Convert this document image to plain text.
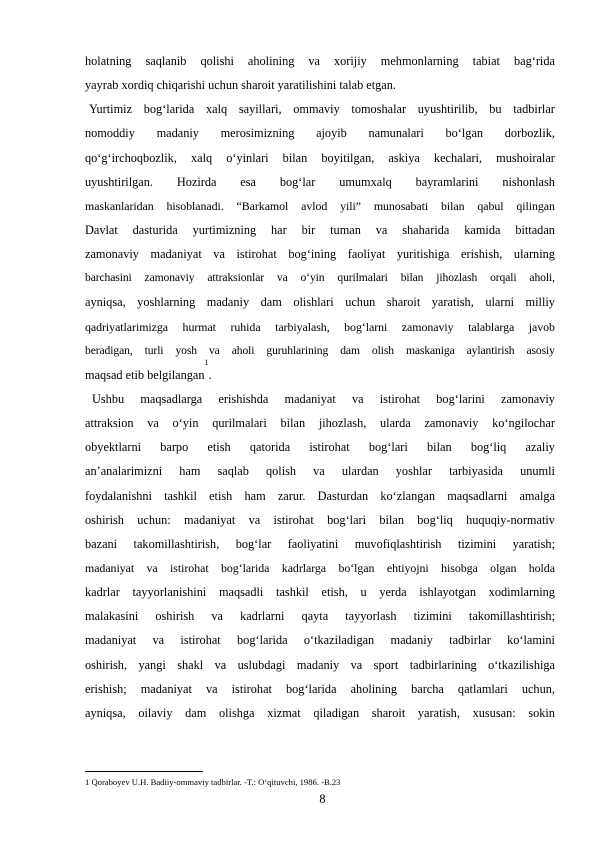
holatning saqlanib qolishi aholining va xorijiy mehmonlarning tabiat bag‘rida
yayrab xordiq chiqarishi uchun sharoit yaratilishini talab etgan.
Yurtimiz bog‘larida xalq sayillari, ommaviy tomoshalar uyushtirilib, bu tadbirlar
nomoddiy madaniy merosimizning ajoyib namunalari bo‘lgan dorbozlik,
qo‘g‘irchoqbozlik, xalq o‘yinlari bilan boyitilgan, askiya kechalari, mushoiralar
uyushtirilgan. Hozirda esa bog‘lar umumxalq bayramlarini nishonlash
maskanlaridan hisoblanadi. “Barkamol avlod yili” munosabati bilan qabul qilingan
Davlat dasturida yurtimizning har bir tuman va shaharida kamida bittadan
zamonaviy madaniyat va istirohat bog‘ining faoliyat yuritishiga erishish, ularning
barchasini zamonaviy attraksionlar va o‘yin qurilmalari bilan jihozlash orqali aholi,
ayniqsa, yoshlarning madaniy dam olishlari uchun sharoit yaratish, ularni milliy
qadriyatlarimizga hurmat ruhida tarbiyalash, bog‘larni zamonaviy talablarga javob
beradigan, turli yosh va aholi guruhlarining dam olish maskaniga aylantirish asosiy
maqsad etib belgilangan
1
.
Ushbu maqsadlarga erishishda madaniyat va istirohat bog‘larini zamonaviy
attraksion va o‘yin qurilmalari bilan jihozlash, ularda zamonaviy ko‘ngilochar
obyektlarni barpo etish qatorida istirohat bog‘lari bilan bog‘liq azaliy
an’analarimizni ham saqlab qolish va ulardan yoshlar tarbiyasida unumli
foydalanishni tashkil etish ham zarur. Dasturdan ko‘zlangan maqsadlarni amalga
oshirish uchun: madaniyat va istirohat bog‘lari bilan bog‘liq huquqiy-normativ
bazani takomillashtirish, bog‘lar faoliyatini muvofiqlashtirish tizimini yaratish;
madaniyat va istirohat bog‘larida kadrlarga bo‘lgan ehtiyojni hisobga olgan holda
kadrlar tayyorlanishini maqsadli tashkil etish, u yerda ishlayotgan xodimlarning
malakasini oshirish va kadrlarni qayta tayyorlash tizimini takomillashtirish;
madaniyat va istirohat bog‘larida o‘tkaziladigan madaniy tadbirlar ko‘lamini
oshirish, yangi shakl va uslubdagi madaniy va sport tadbirlarining o‘tkazilishiga
erishish; madaniyat va istirohat bog‘larida aholining barcha qatlamlari uchun,
ayniqsa, oilaviy dam olishga xizmat qiladigan sharoit yaratish, xususan: sokin
1 Qoraboyev U.H. Badiiy-ommaviy tadbirlar. -T.: O‘qituvchi, 1986. -B.23
8
